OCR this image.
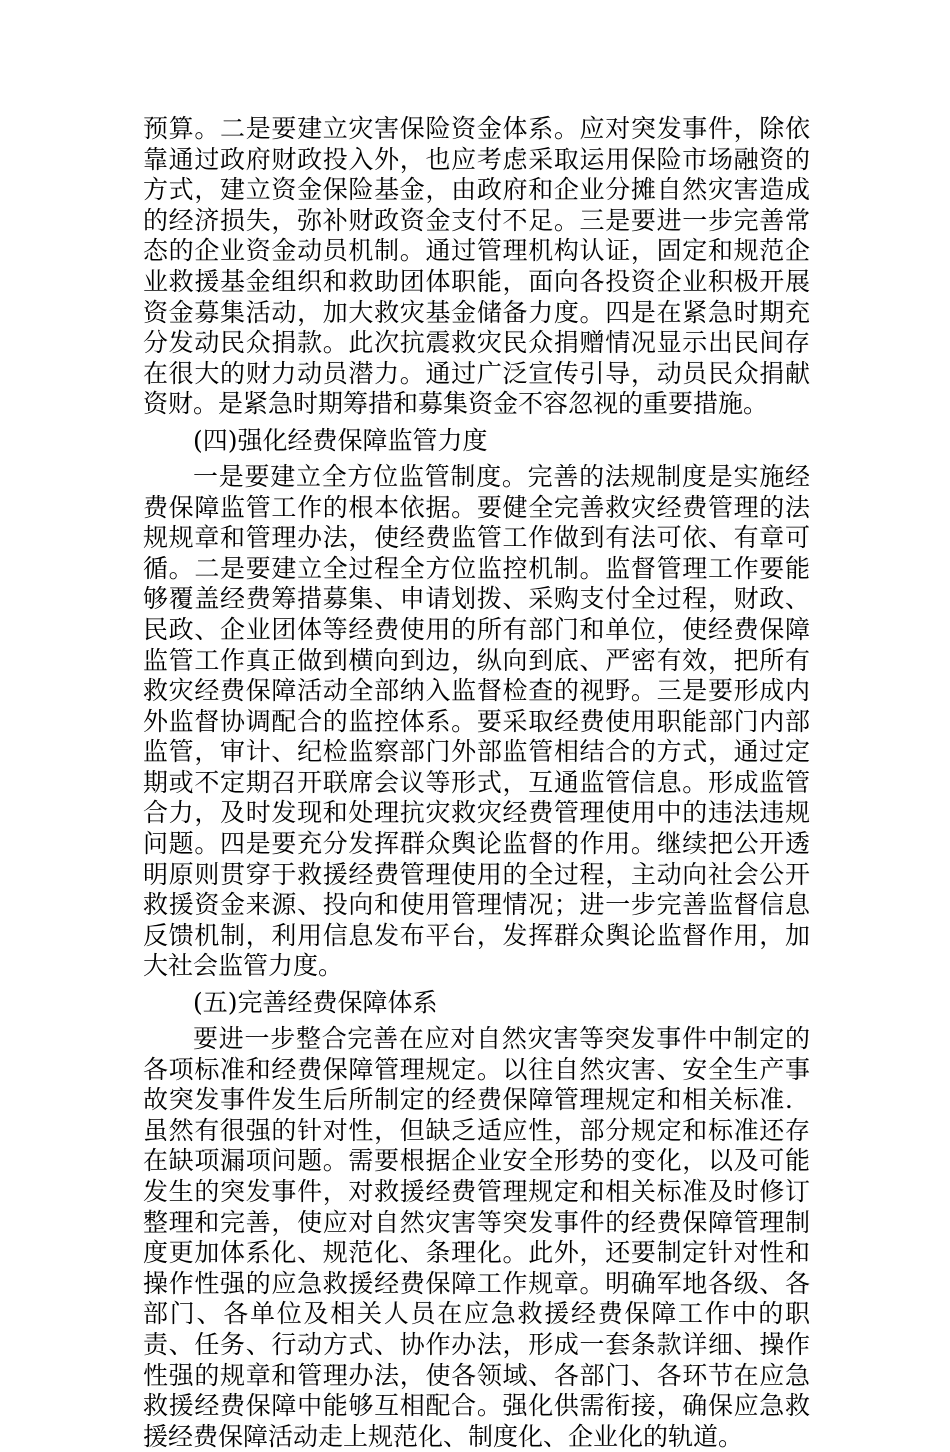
预算。二是要建立灾害保险资金体系。应对突发事件，除依靠通过政府财政投入外，也应考虑采取运用保险市场融资的方式，建立资金保险基金，由政府和企业分摊自然灾害造成的经济损失，弥补财政资金支付不足。三是要进一步完善常态的企业资金动员机制。通过管理机构认证，固定和规范企业救援基金组织和救助团体职能，面向各投资企业积极开展资金募集活动，加大救灾基金储备力度。四是在紧急时期充分发动民众捐款。此次抗震救灾民众捐赠情况显示出民间存在很大的财力动员潜力。通过广泛宣传引导，动员民众捐献资财。是紧急时期筹措和募集资金不容忽视的重要措施。

(四)强化经费保障监管力度

一是要建立全方位监管制度。完善的法规制度是实施经费保障监管工作的根本依据。要健全完善救灾经费管理的法规规章和管理办法，使经费监管工作做到有法可依、有章可循。二是要建立全过程全方位监控机制。监督管理工作要能够覆盖经费筹措募集、申请划拨、采购支付全过程，财政、民政、企业团体等经费使用的所有部门和单位，使经费保障监管工作真正做到横向到边，纵向到底、严密有效，把所有救灾经费保障活动全部纳入监督检查的视野。三是要形成内外监督协调配合的监控体系。要采取经费使用职能部门内部监管，审计、纪检监察部门外部监管相结合的方式，通过定期或不定期召开联席会议等形式，互通监管信息。形成监管合力，及时发现和处理抗灾救灾经费管理使用中的违法违规问题。四是要充分发挥群众舆论监督的作用。继续把公开透明原则贯穿于救援经费管理使用的全过程，主动向社会公开救援资金来源、投向和使用管理情况；进一步完善监督信息反馈机制，利用信息发布平台，发挥群众舆论监督作用，加大社会监管力度。

(五)完善经费保障体系

要进一步整合完善在应对自然灾害等突发事件中制定的各项标准和经费保障管理规定。以往自然灾害、安全生产事故突发事件发生后所制定的经费保障管理规定和相关标准．虽然有很强的针对性，但缺乏适应性，部分规定和标准还存在缺项漏项问题。需要根据企业安全形势的变化，以及可能发生的突发事件，对救援经费管理规定和相关标准及时修订整理和完善，使应对自然灾害等突发事件的经费保障管理制度更加体系化、规范化、条理化。此外，还要制定针对性和操作性强的应急救援经费保障工作规章。明确军地各级、各部门、各单位及相关人员在应急救援经费保障工作中的职责、任务、行动方式、协作办法，形成一套条款详细、操作性强的规章和管理办法，使各领域、各部门、各环节在应急救援经费保障中能够互相配合。强化供需衔接，确保应急救援经费保障活动走上规范化、制度化、企业化的轨道。
